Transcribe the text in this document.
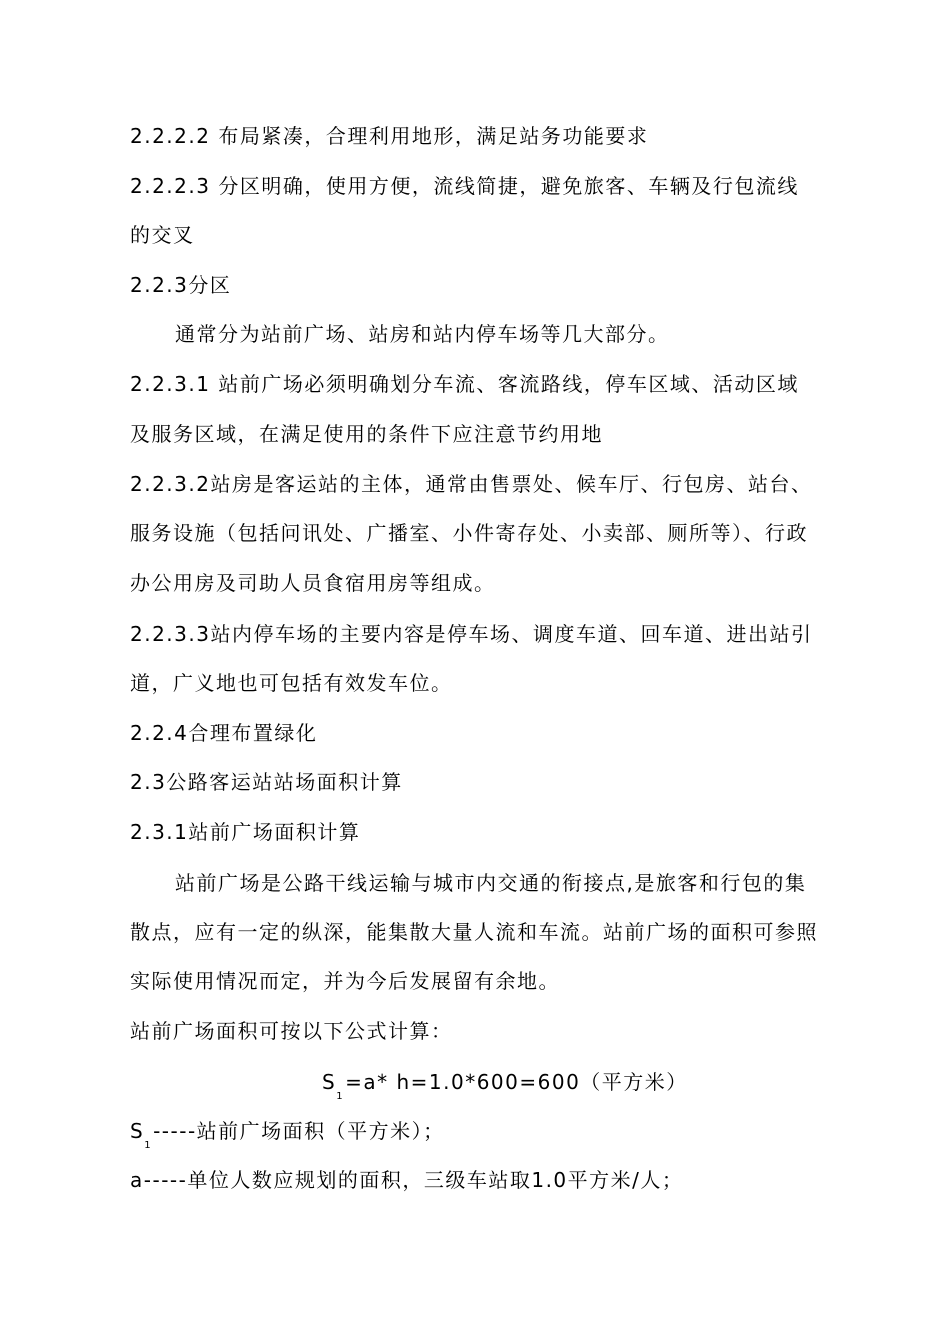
2.2.2.2 布局紧凑，合理利用地形，满足站务功能要求
2.2.2.3 分区明确，使用方便，流线简捷，避免旅客、车辆及行包流线
的交叉
2.2.3分区
通常分为站前广场、站房和站内停车场等几大部分。
2.2.3.1 站前广场必须明确划分车流、客流路线，停车区域、活动区域
及服务区域，在满足使用的条件下应注意节约用地
2.2.3.2站房是客运站的主体，通常由售票处、候车厅、行包房、站台、
服务设施（包括问讯处、广播室、小件寄存处、小卖部、厕所等）、行政
办公用房及司助人员食宿用房等组成。
2.2.3.3站内停车场的主要内容是停车场、调度车道、回车道、进出站引
道，广义地也可包括有效发车位。
2.2.4合理布置绿化
2.3公路客运站站场面积计算
2.3.1站前广场面积计算
站前广场是公路干线运输与城市内交通的衔接点,是旅客和行包的集
散点，应有一定的纵深，能集散大量人流和车流。站前广场的面积可参照
实际使用情况而定，并为今后发展留有余地。
站前广场面积可按以下公式计算：
$S_1=a*$ h=1.0*600=600（平方米）
$S_1-----$站前广场面积（平方米）；
a-----单位人数应规划的面积，三级车站取1.0平方米/人；
